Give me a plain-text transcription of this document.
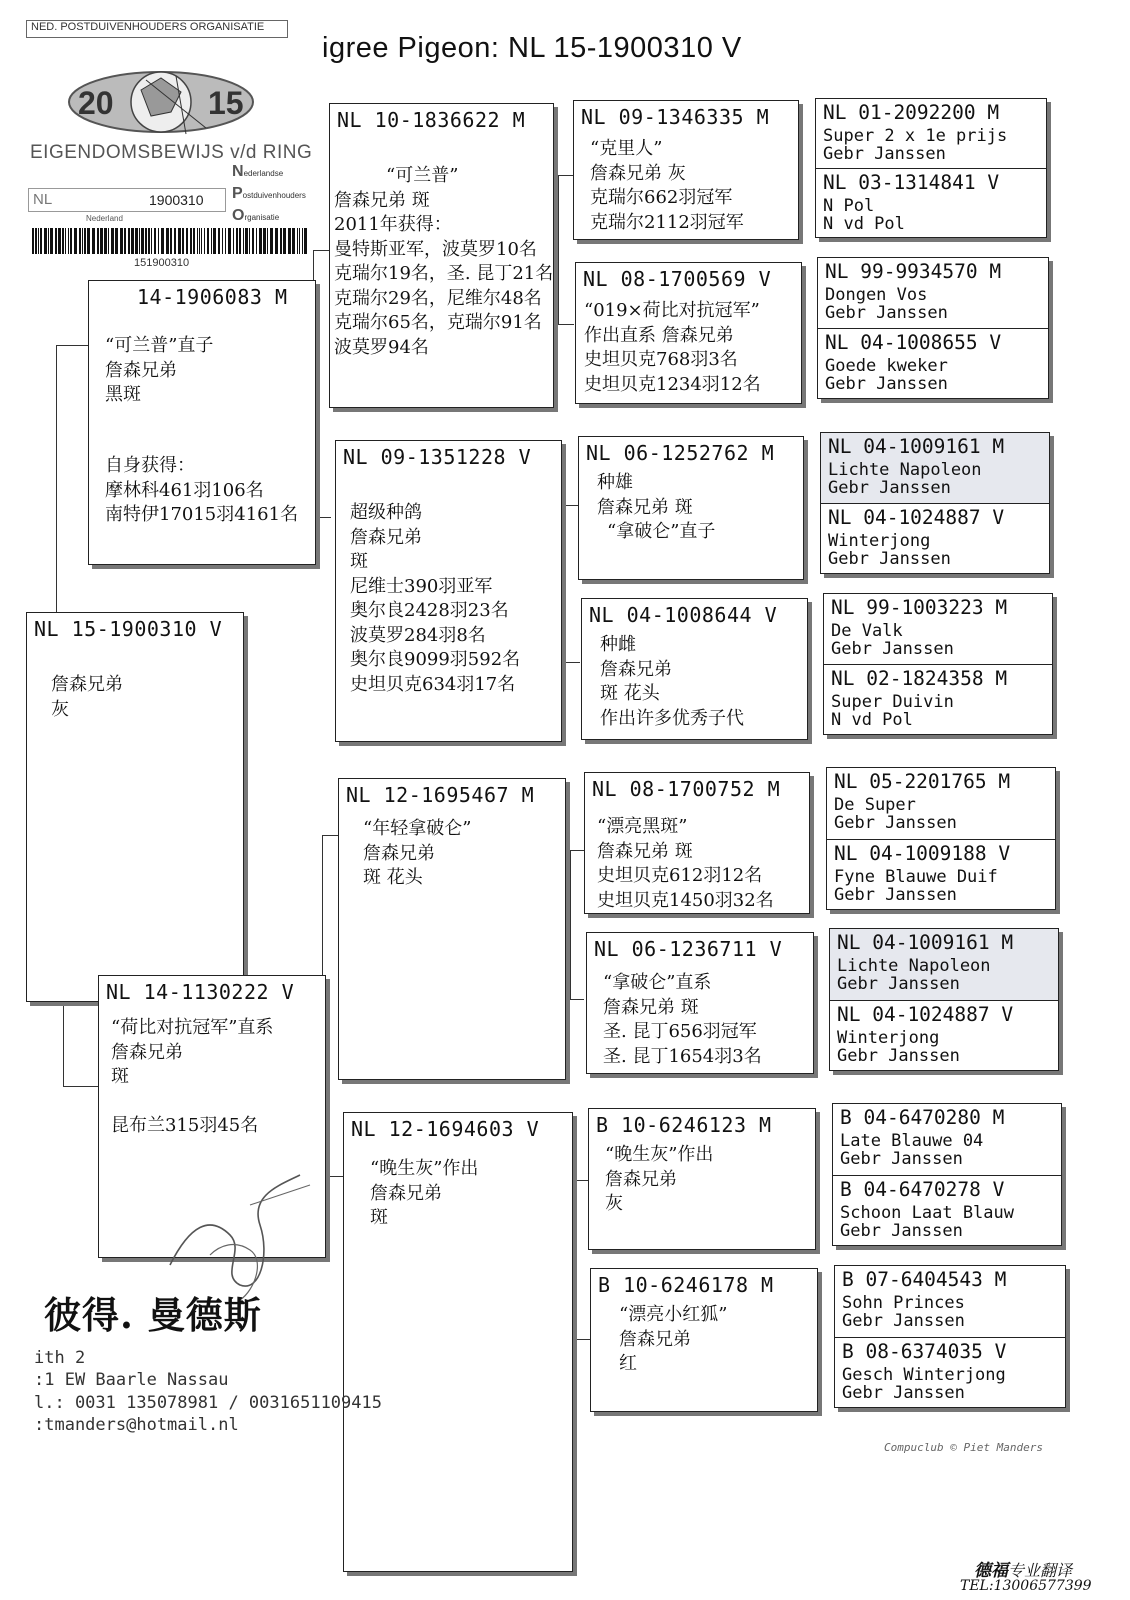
igree Pigeon: NL 15-1900310 V
NED. POSTDUIVENHOUDERS ORGANISATIE
20	15
EIGENDOMSBEWIJS v/d RING
Nederlandse
Postduivenhouders
Organisatie
NL	1900310
Nederland
151900310
NL 15-1900310 V
詹森兄弟
灰
14-1906083 M
“可兰普”直子
詹森兄弟
黑斑
自身获得：
摩林科461羽106名
南特伊17015羽4161名
NL 14-1130222 V
“荷比对抗冠军”直系
詹森兄弟
斑
昆布兰315羽45名
NL 10-1836622 M
“可兰普”
詹森兄弟 斑
2011年获得：
曼特斯亚军，波莫罗10名
克瑞尔19名，圣. 昆丁21名
克瑞尔29名，尼维尔48名
克瑞尔65名，克瑞尔91名
波莫罗94名
NL 09-1351228 V
超级种鸽
詹森兄弟
斑
尼维士390羽亚军
奥尔良2428羽23名
波莫罗284羽8名
奥尔良9099羽592名
史坦贝克634羽17名
NL 12-1695467 M
“年轻拿破仑”
詹森兄弟
斑 花头
NL 12-1694603 V
“晚生灰”作出
詹森兄弟
斑
NL 09-1346335 M
“克里人”
詹森兄弟 灰
克瑞尔662羽冠军
克瑞尔2112羽冠军
NL 08-1700569 V
“019×荷比对抗冠军”
作出直系 詹森兄弟
史坦贝克768羽3名
史坦贝克1234羽12名
NL 06-1252762 M
种雄
詹森兄弟 斑
“拿破仑”直子
NL 04-1008644 V
种雌
詹森兄弟
斑 花头
作出许多优秀子代
NL 08-1700752 M
“漂亮黑斑”
詹森兄弟 斑
史坦贝克612羽12名
史坦贝克1450羽32名
NL 06-1236711 V
“拿破仑”直系
詹森兄弟 斑
圣. 昆丁656羽冠军
圣. 昆丁1654羽3名
B 10-6246123 M
“晚生灰”作出
詹森兄弟
灰
B 10-6246178 M
“漂亮小红狐”
詹森兄弟
红
NL 01-2092200 M
Super 2 x 1e prijs
Gebr Janssen
NL 03-1314841 V
N Pol
N vd Pol
NL 99-9934570 M
Dongen Vos
Gebr Janssen
NL 04-1008655 V
Goede kweker
Gebr Janssen
NL 04-1009161 M
Lichte Napoleon
Gebr Janssen
NL 04-1024887 V
Winterjong
Gebr Janssen
NL 99-1003223 M
De Valk
Gebr Janssen
NL 02-1824358 M
Super Duivin
N vd Pol
NL 05-2201765 M
De Super
Gebr Janssen
NL 04-1009188 V
Fyne Blauwe Duif
Gebr Janssen
NL 04-1009161 M
Lichte Napoleon
Gebr Janssen
NL 04-1024887 V
Winterjong
Gebr Janssen
B 04-6470280 M
Late Blauwe 04
Gebr Janssen
B 04-6470278 V
Schoon Laat Blauw
Gebr Janssen
B 07-6404543 M
Sohn Princes
Gebr Janssen
B 08-6374035 V
Gesch Winterjong
Gebr Janssen
彼得. 曼德斯
ith 2
:1 EW Baarle Nassau
l.: 0031 135078981 / 0031651109415
:tmanders@hotmail.nl
Compuclub © Piet Manders
德福专业翻译
TEL:13006577399
